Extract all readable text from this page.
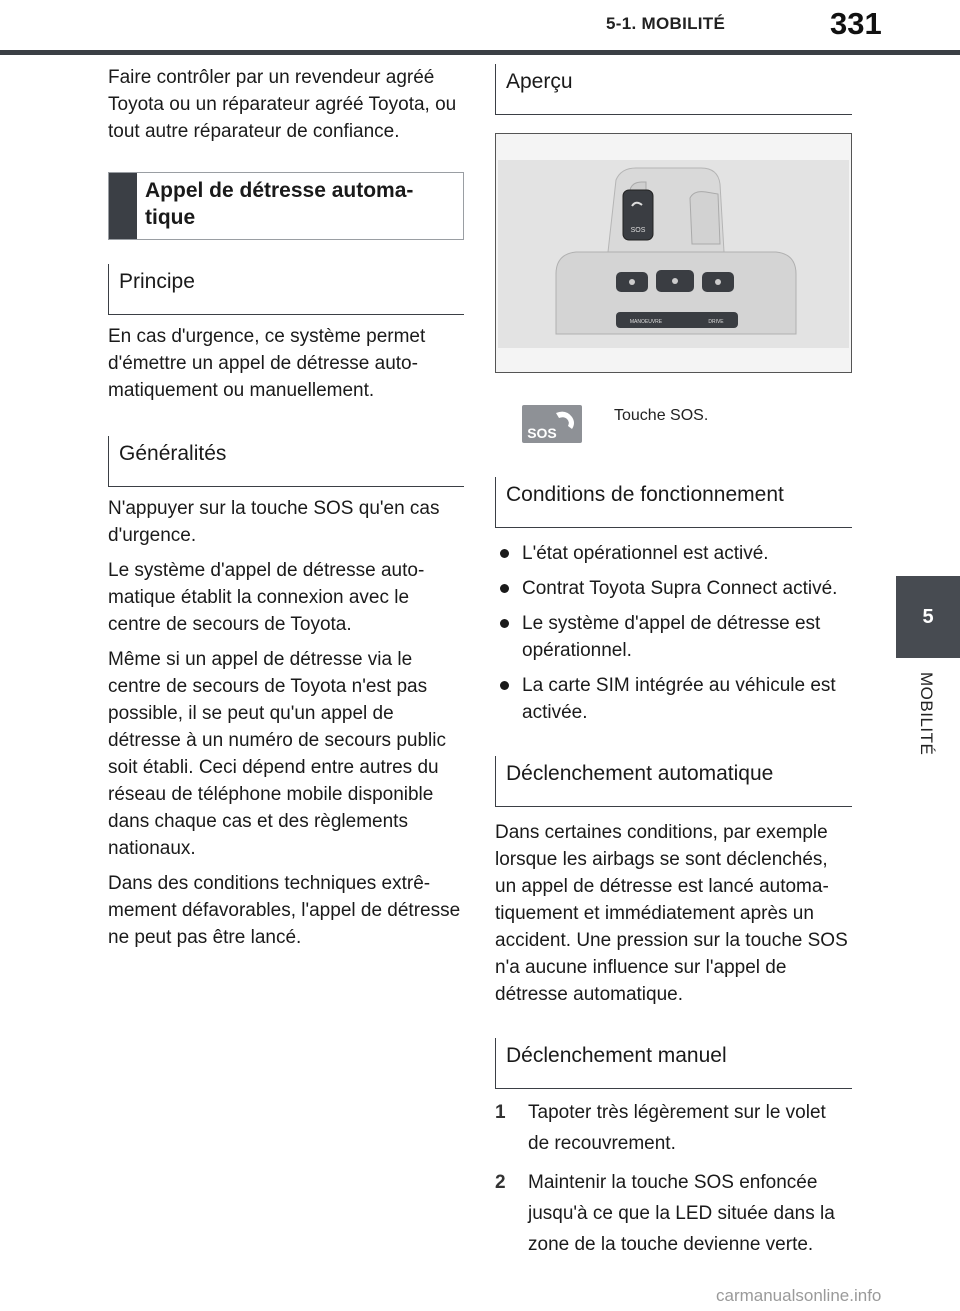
5-1. MOBILITÉ	331
5
MOBILITÉ

Faire contrôler par un revendeur agréé Toyota ou un réparateur agréé Toyota, ou tout autre réparateur de confiance.

Appel de détresse automa-tique
Principe

En cas d'urgence, ce système permet d'émettre un appel de détresse auto-matiquement ou manuellement.

Généralités

N'appuyer sur la touche SOS qu'en cas d'urgence.

Le système d'appel de détresse auto-matique établit la connexion avec le centre de secours de Toyota.

Même si un appel de détresse via le centre de secours de Toyota n'est pas possible, il se peut qu'un appel de détresse à un numéro de secours public soit établi. Ceci dépend entre autres du réseau de téléphone mobile disponible dans chaque cas et des règlements nationaux.

Dans des conditions techniques extrê-mement défavorables, l'appel de détresse ne peut pas être lancé.

Aperçu
SOS
MANOEUVRE	DRIVE
SOS
Touche SOS.
Conditions de fonctionnement
L'état opérationnel est activé.
Contrat Toyota Supra Connect activé.
Le système d'appel de détresse est opérationnel.
La carte SIM intégrée au véhicule est activée.
Déclenchement automatique

Dans certaines conditions, par exemple lorsque les airbags se sont déclenchés, un appel de détresse est lancé automa-tiquement et immédiatement après un accident. Une pression sur la touche SOS n'a aucune influence sur l'appel de détresse automatique.

Déclenchement manuel
1 Tapoter très légèrement sur le volet de recouvrement.
2 Maintenir la touche SOS enfoncée jusqu'à ce que la LED située dans la zone de la touche devienne verte.
carmanualsonline.info
